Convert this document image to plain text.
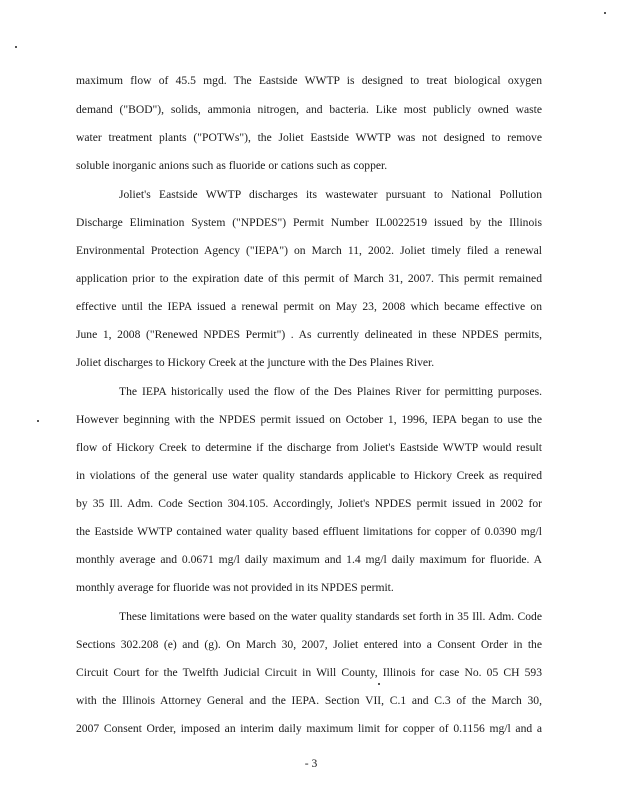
maximum flow of 45.5 mgd. The Eastside WWTP is designed to treat biological oxygen
demand ("BOD"), solids, ammonia nitrogen, and bacteria. Like most publicly owned waste
water treatment plants ("POTWs"), the Joliet Eastside WWTP was not designed to remove
soluble inorganic anions such as fluoride or cations such as copper.
Joliet's Eastside WWTP discharges its wastewater pursuant to National Pollution
Discharge Elimination System ("NPDES") Permit Number IL0022519 issued by the Illinois
Environmental Protection Agency ("IEPA") on March 11, 2002. Joliet timely filed a renewal
application prior to the expiration date of this permit of March 31, 2007. This permit remained
effective until the IEPA issued a renewal permit on May 23, 2008 which became effective on
June 1, 2008 ("Renewed NPDES Permit") . As currently delineated in these NPDES permits,
Joliet discharges to Hickory Creek at the juncture with the Des Plaines River.
The IEPA historically used the flow of the Des Plaines River for permitting purposes.
However beginning with the NPDES permit issued on October 1, 1996, IEPA began to use the
flow of Hickory Creek to determine if the discharge from Joliet's Eastside WWTP would result
in violations of the general use water quality standards applicable to Hickory Creek as required
by 35 Ill. Adm. Code Section 304.105. Accordingly, Joliet's NPDES permit issued in 2002 for
the Eastside WWTP contained water quality based effluent limitations for copper of 0.0390 mg/l
monthly average and 0.0671 mg/l daily maximum and 1.4 mg/l daily maximum for fluoride. A
monthly average for fluoride was not provided in its NPDES permit.
These limitations were based on the water quality standards set forth in 35 Ill. Adm. Code
Sections 302.208 (e) and (g). On March 30, 2007, Joliet entered into a Consent Order in the
Circuit Court for the Twelfth Judicial Circuit in Will County, Illinois for case No. 05 CH 593
with the Illinois Attorney General and the IEPA. Section VII, C.1 and C.3 of the March 30,
2007 Consent Order, imposed an interim daily maximum limit for copper of 0.1156 mg/l and a
- 3
